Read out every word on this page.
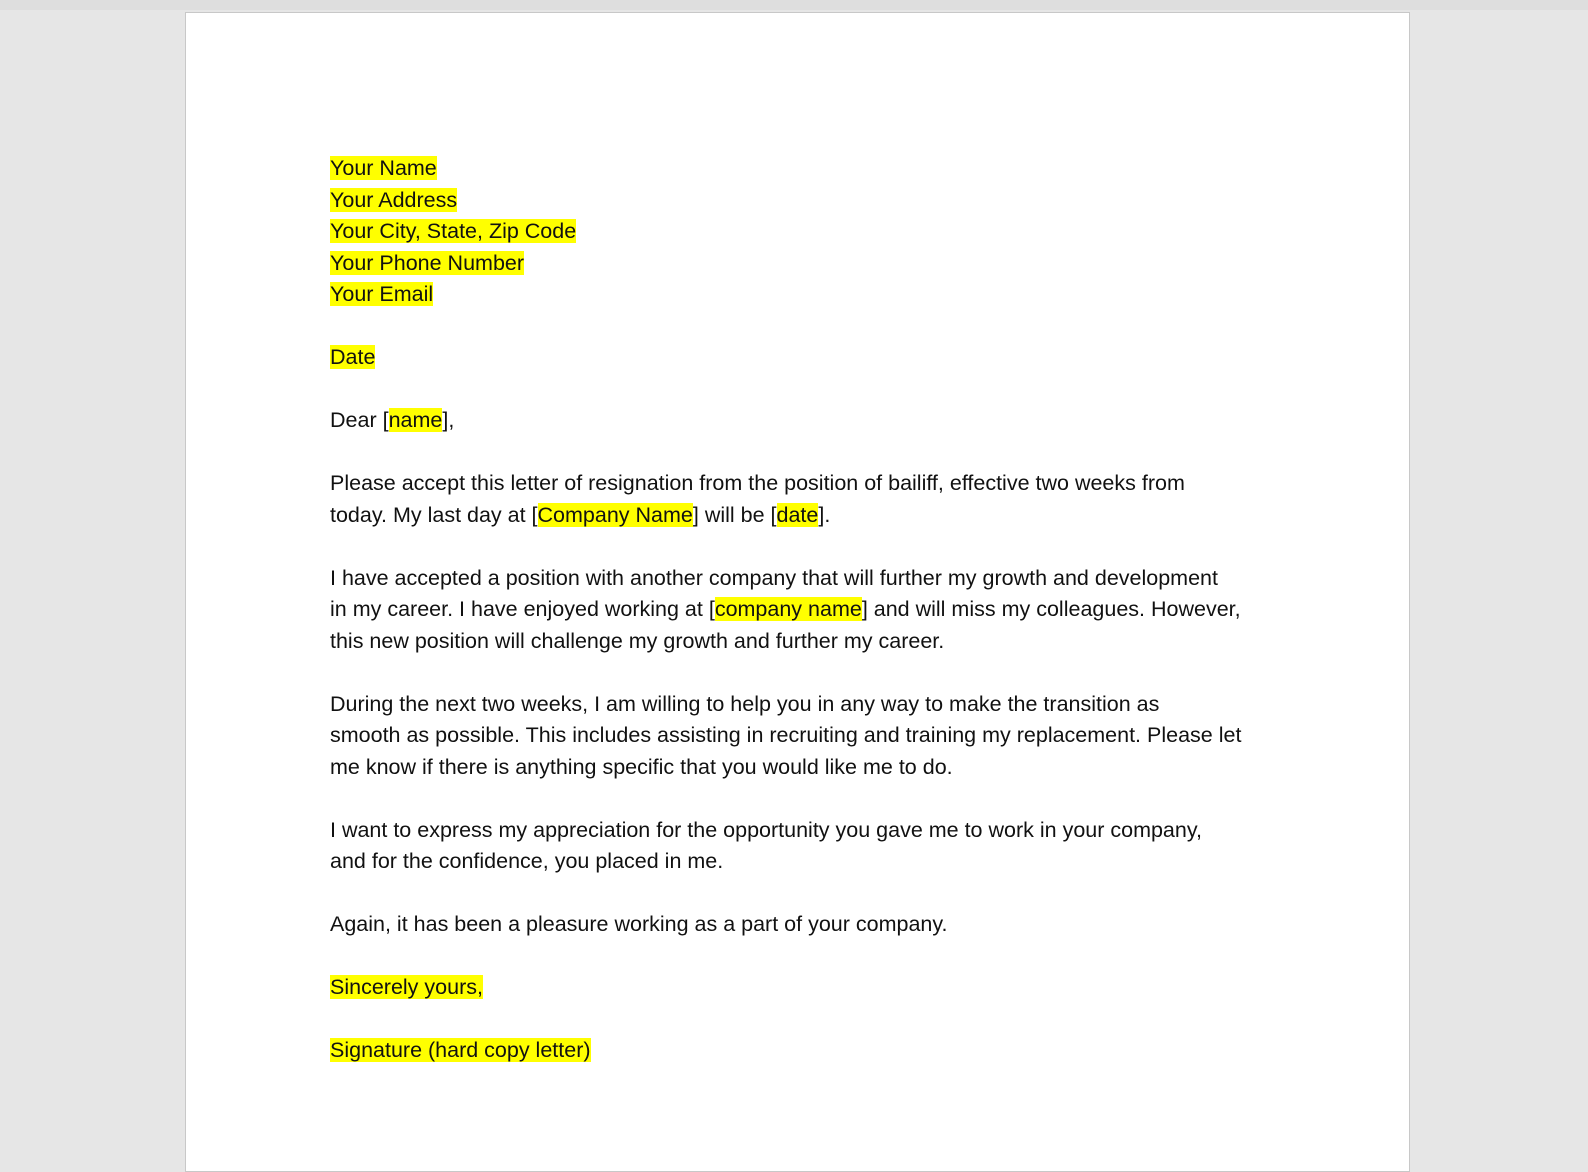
Your Name
Your Address
Your City, State, Zip Code
Your Phone Number
Your Email
Date
Dear [name],
Please accept this letter of resignation from the position of bailiff, effective two weeks from
today. My last day at [Company Name] will be [date].
I have accepted a position with another company that will further my growth and development
in my career. I have enjoyed working at [company name] and will miss my colleagues. However,
this new position will challenge my growth and further my career.
During the next two weeks, I am willing to help you in any way to make the transition as
smooth as possible. This includes assisting in recruiting and training my replacement. Please let
me know if there is anything specific that you would like me to do.
I want to express my appreciation for the opportunity you gave me to work in your company,
and for the confidence, you placed in me.
Again, it has been a pleasure working as a part of your company.
Sincerely yours,
Signature (hard copy letter)
